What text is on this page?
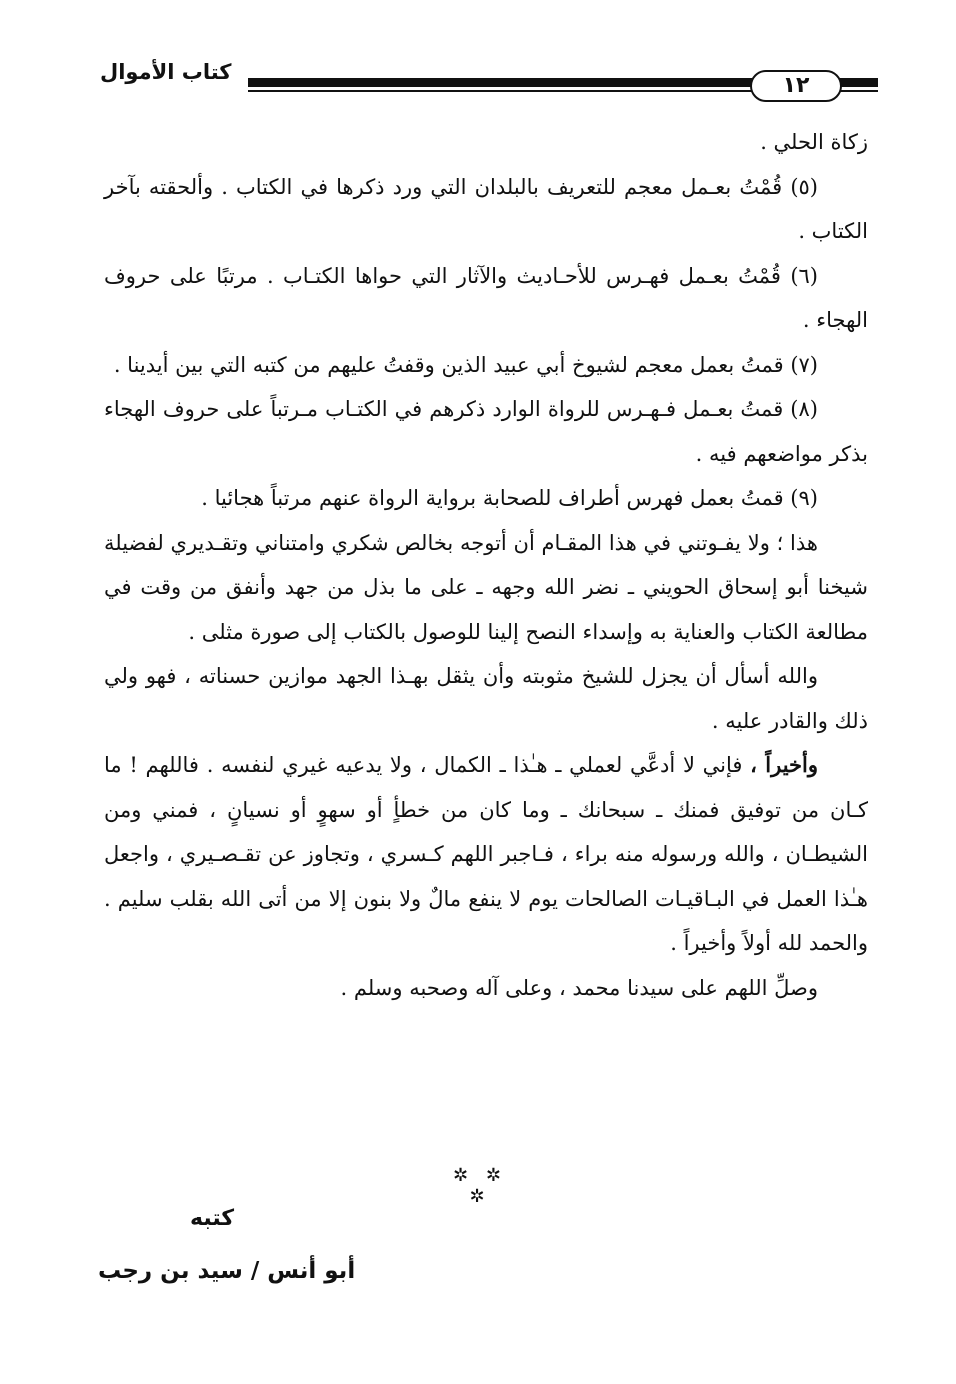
كتاب الأموال
١٢

زكاة الحلي .

(٥) قُمْتُ بعـمل معجم للتعريف بالبلدان التي ورد ذكرها في الكتاب . وألحقته بآخر الكتاب .

(٦) قُمْتُ بعـمل فهـرس للأحـاديث والآثار التي حواها الكتـاب . مرتبًا على حروف الهجاء .

(٧) قمتُ بعمل معجم لشيوخ أبي عبيد الذين وقفتُ عليهم من كتبه التي بين أيدينا .

(٨) قمتُ بعـمل فـهـرس للرواة الوارد ذكرهم في الكتـاب مـرتباً على حروف الهجاء بذكر مواضعهم فيه .

(٩) قمتُ بعمل فهرس أطراف للصحابة برواية الرواة عنهم مرتباً هجائيا .

هذا ؛ ولا يفـوتني في هذا المقـام أن أتوجه بخالص شكري وامتناني وتقـديري لفضيلة شيخنا أبو إسحاق الحويني ـ نضر الله وجهه ـ على ما بذل من جهد وأنفق من وقت في مطالعة الكتاب والعناية به وإسداء النصح إلينا للوصول بالكتاب إلى صورة مثلى .

والله أسأل أن يجزل للشيخ مثوبته وأن يثقل بهـذا الجهد موازين حسناته ، فهو ولي ذلك والقادر عليه .

وأخيراً ، فإني لا أدعَّي لعملي ـ هـٰذا ـ الكمال ، ولا يدعيه غيري لنفسه . فاللهم ! ما كـان من توفيق فمنك ـ سبحانك ـ وما كان من خطأٍ أو سهوٍ أو نسيانٍ ، فمني ومن الشيطـان ، والله ورسوله منه براء ، فـاجبر اللهم كـسري ، وتجاوز عن تقـصـيري ، واجعل هـٰذا العمل في البـاقيـات الصالحات يوم لا ينفع مالٌ ولا بنون إلا من أتى الله بقلب سليم . والحمد لله أولاً وأخيراً .

وصلِّ اللهم على سيدنا محمد ، وعلى آله وصحبه وسلم .

✲ ✲ ✲
كتبه
أبو أنس / سيد بن رجب
